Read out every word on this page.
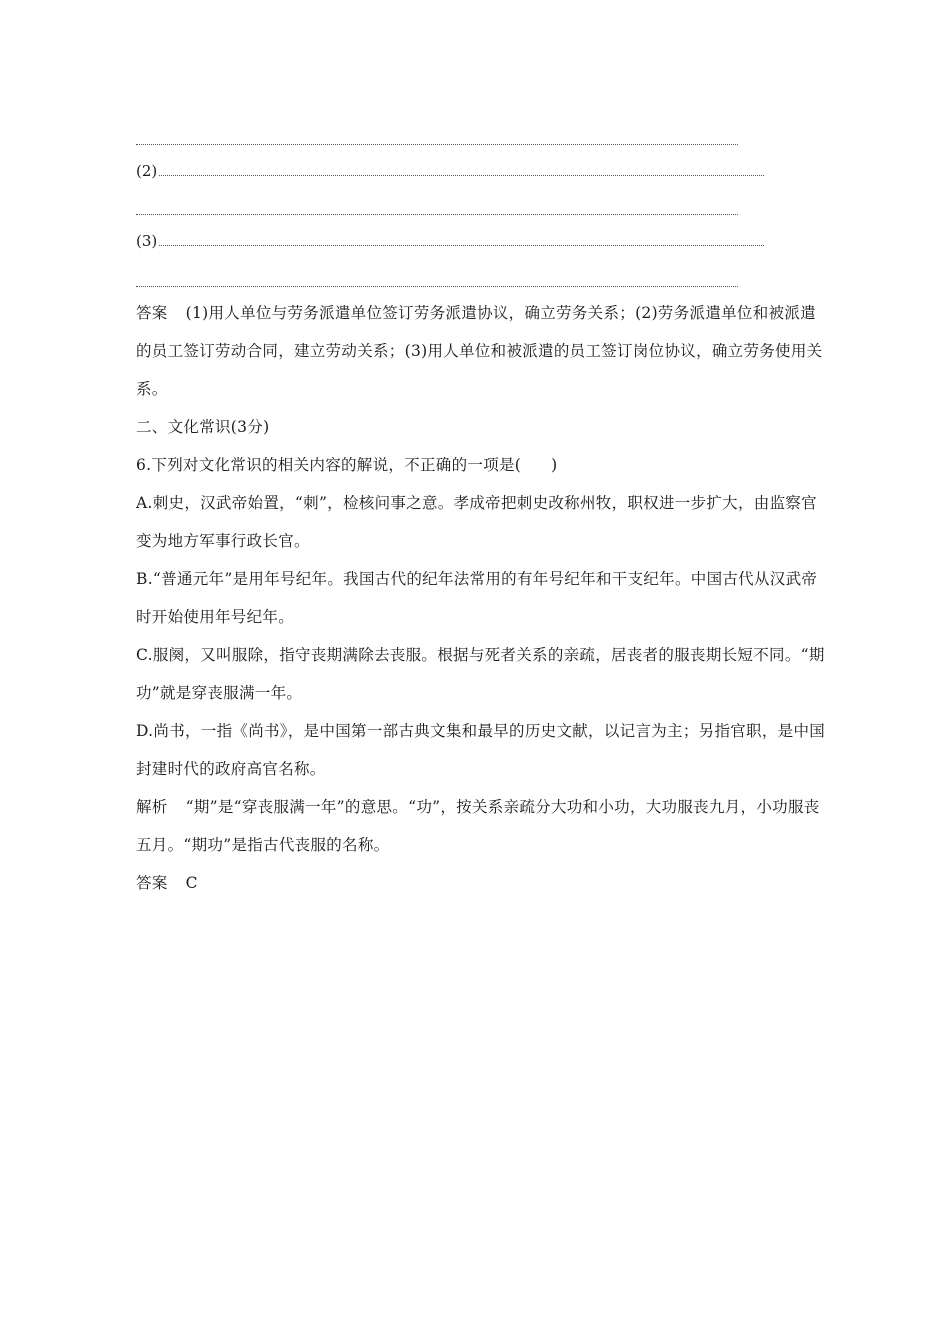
(2)
(3)

答案 (1)用人单位与劳务派遣单位签订劳务派遣协议，确立劳务关系；(2)劳务派遣单位和被派遣的员工签订劳动合同，建立劳动关系；(3)用人单位和被派遣的员工签订岗位协议，确立劳务使用关系。

二、文化常识(3分)

6.下列对文化常识的相关内容的解说，不正确的一项是( )

A.刺史，汉武帝始置，“刺”，检核问事之意。孝成帝把刺史改称州牧，职权进一步扩大，由监察官变为地方军事行政长官。

B.“普通元年”是用年号纪年。我国古代的纪年法常用的有年号纪年和干支纪年。中国古代从汉武帝时开始使用年号纪年。

C.服阕，又叫服除，指守丧期满除去丧服。根据与死者关系的亲疏，居丧者的服丧期长短不同。“期功”就是穿丧服满一年。

D.尚书，一指《尚书》，是中国第一部古典文集和最早的历史文献，以记言为主；另指官职，是中国封建时代的政府高官名称。

解析 “期”是“穿丧服满一年”的意思。“功”，按关系亲疏分大功和小功，大功服丧九月，小功服丧五月。“期功”是指古代丧服的名称。

答案 C
